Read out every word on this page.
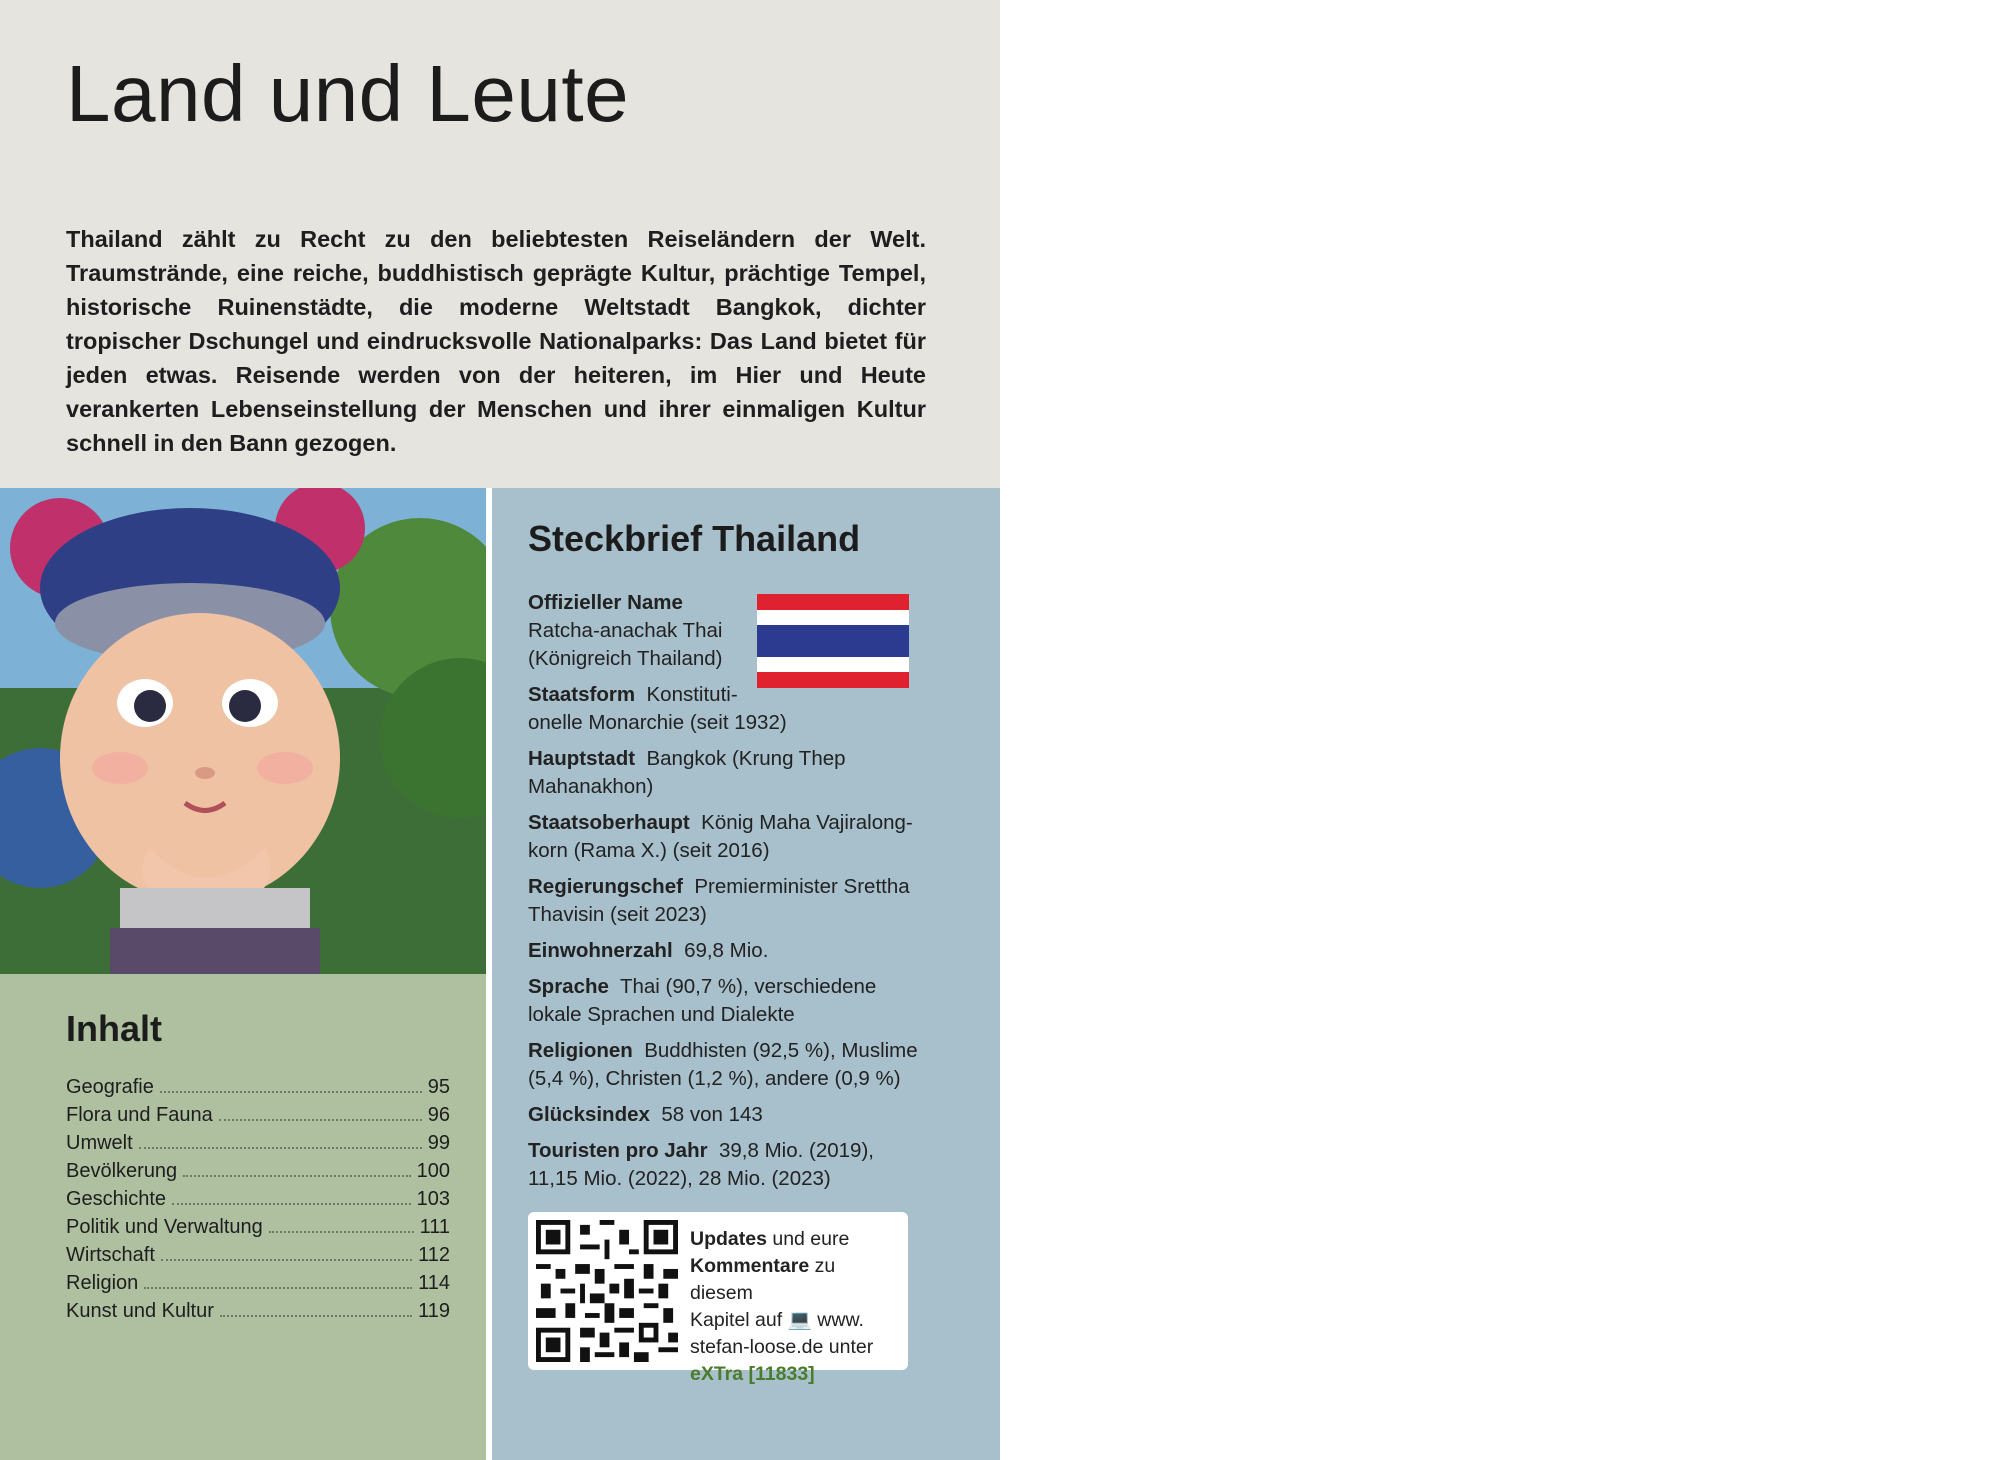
Land und Leute

Thailand zählt zu Recht zu den beliebtesten Reiseländern der Welt. Traumstrände, eine reiche, buddhistisch geprägte Kultur, prächtige Tempel, historische Ruinenstädte, die moderne Weltstadt Bangkok, dichter tropischer Dschungel und eindrucksvolle Nationalparks: Das Land bietet für jeden etwas. Reisende werden von der heiteren, im Hier und Heute verankerten Lebenseinstellung der Menschen und ihrer einmaligen Kultur schnell in den Bann gezogen.

Inhalt
Geografie	95
Flora und Fauna	96
Umwelt	99
Bevölkerung	100
Geschichte	103
Politik und Verwaltung	111
Wirtschaft	112
Religion	114
Kunst und Kultur	119
Steckbrief Thailand
Offizieller Name
Ratcha-anachak Thai
(Königreich Thailand)
Staatsform Konstituti-
onelle Monarchie (seit 1932)
Hauptstadt Bangkok (Krung Thep
Mahanakhon)
Staatsoberhaupt König Maha Vajiralong-
korn (Rama X.) (seit 2016)
Regierungschef Premierminister Srettha
Thavisin (seit 2023)
Einwohnerzahl 69,8 Mio.
Sprache Thai (90,7 %), verschiedene
lokale Sprachen und Dialekte
Religionen Buddhisten (92,5 %), Muslime
(5,4 %), Christen (1,2 %), andere (0,9 %)
Glücksindex 58 von 143
Touristen pro Jahr 39,8 Mio. (2019),
11,15 Mio. (2022), 28 Mio. (2023)
Updates und eure
Kommentare zu diesem
Kapitel auf 💻 www.
stefan-loose.de unter
eXTra [11833]
